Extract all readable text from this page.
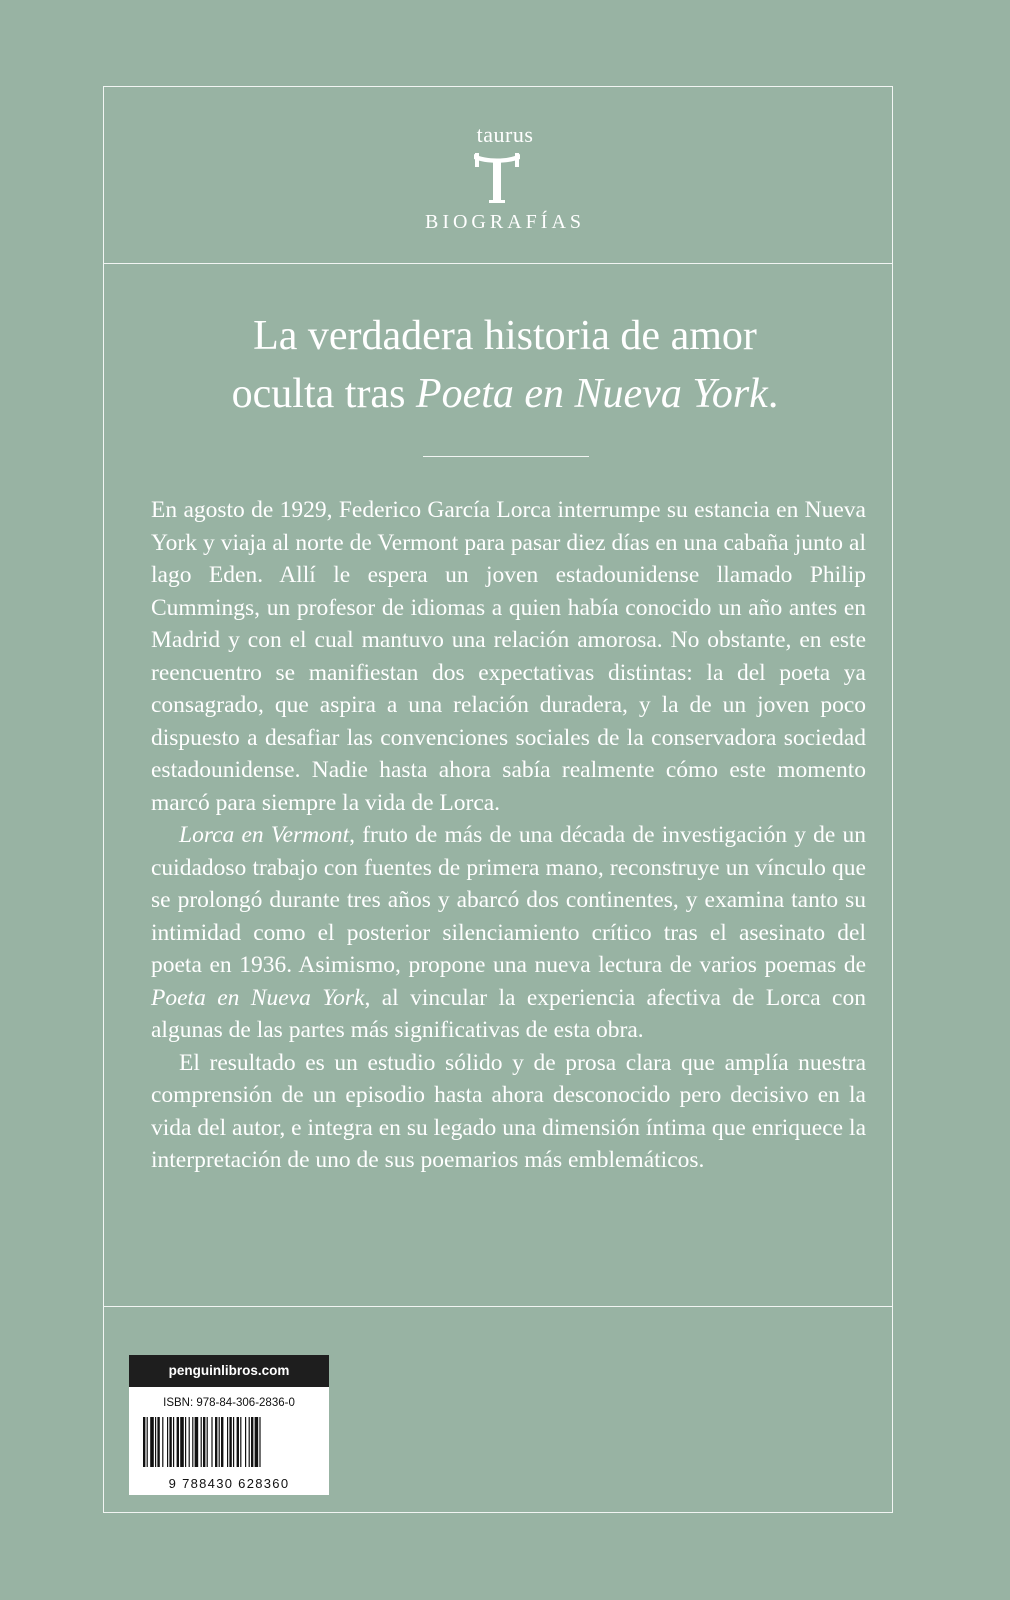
taurus
BIOGRAFÍAS
La verdadera historia de amor
oculta tras Poeta en Nueva York.

En agosto de 1929, Federico García Lorca interrumpe su estancia en Nueva York y viaja al norte de Vermont para pasar diez días en una cabaña junto al lago Eden. Allí le espera un joven estadounidense llamado Philip Cummings, un profesor de idiomas a quien había conocido un año antes en Madrid y con el cual mantuvo una relación amorosa. No obstante, en este reencuentro se manifiestan dos expectativas distintas: la del poeta ya consagrado, que aspira a una relación duradera, y la de un joven poco dispuesto a desafiar las convenciones sociales de la conservadora sociedad estadounidense. Nadie hasta ahora sabía realmente cómo este momento marcó para siempre la vida de Lorca.

Lorca en Vermont, fruto de más de una década de investigación y de un cuidadoso trabajo con fuentes de primera mano, reconstruye un vínculo que se prolongó durante tres años y abarcó dos continentes, y examina tanto su intimidad como el posterior silenciamiento crítico tras el asesinato del poeta en 1936. Asimismo, propone una nueva lectura de varios poemas de Poeta en Nueva York, al vincular la experiencia afectiva de Lorca con algunas de las partes más significativas de esta obra.

El resultado es un estudio sólido y de prosa clara que amplía nuestra comprensión de un episodio hasta ahora desconocido pero decisivo en la vida del autor, e integra en su legado una dimensión íntima que enriquece la interpretación de uno de sus poemarios más emblemáticos.

penguinlibros.com
ISBN: 978-84-306-2836-0
9 788430 628360
